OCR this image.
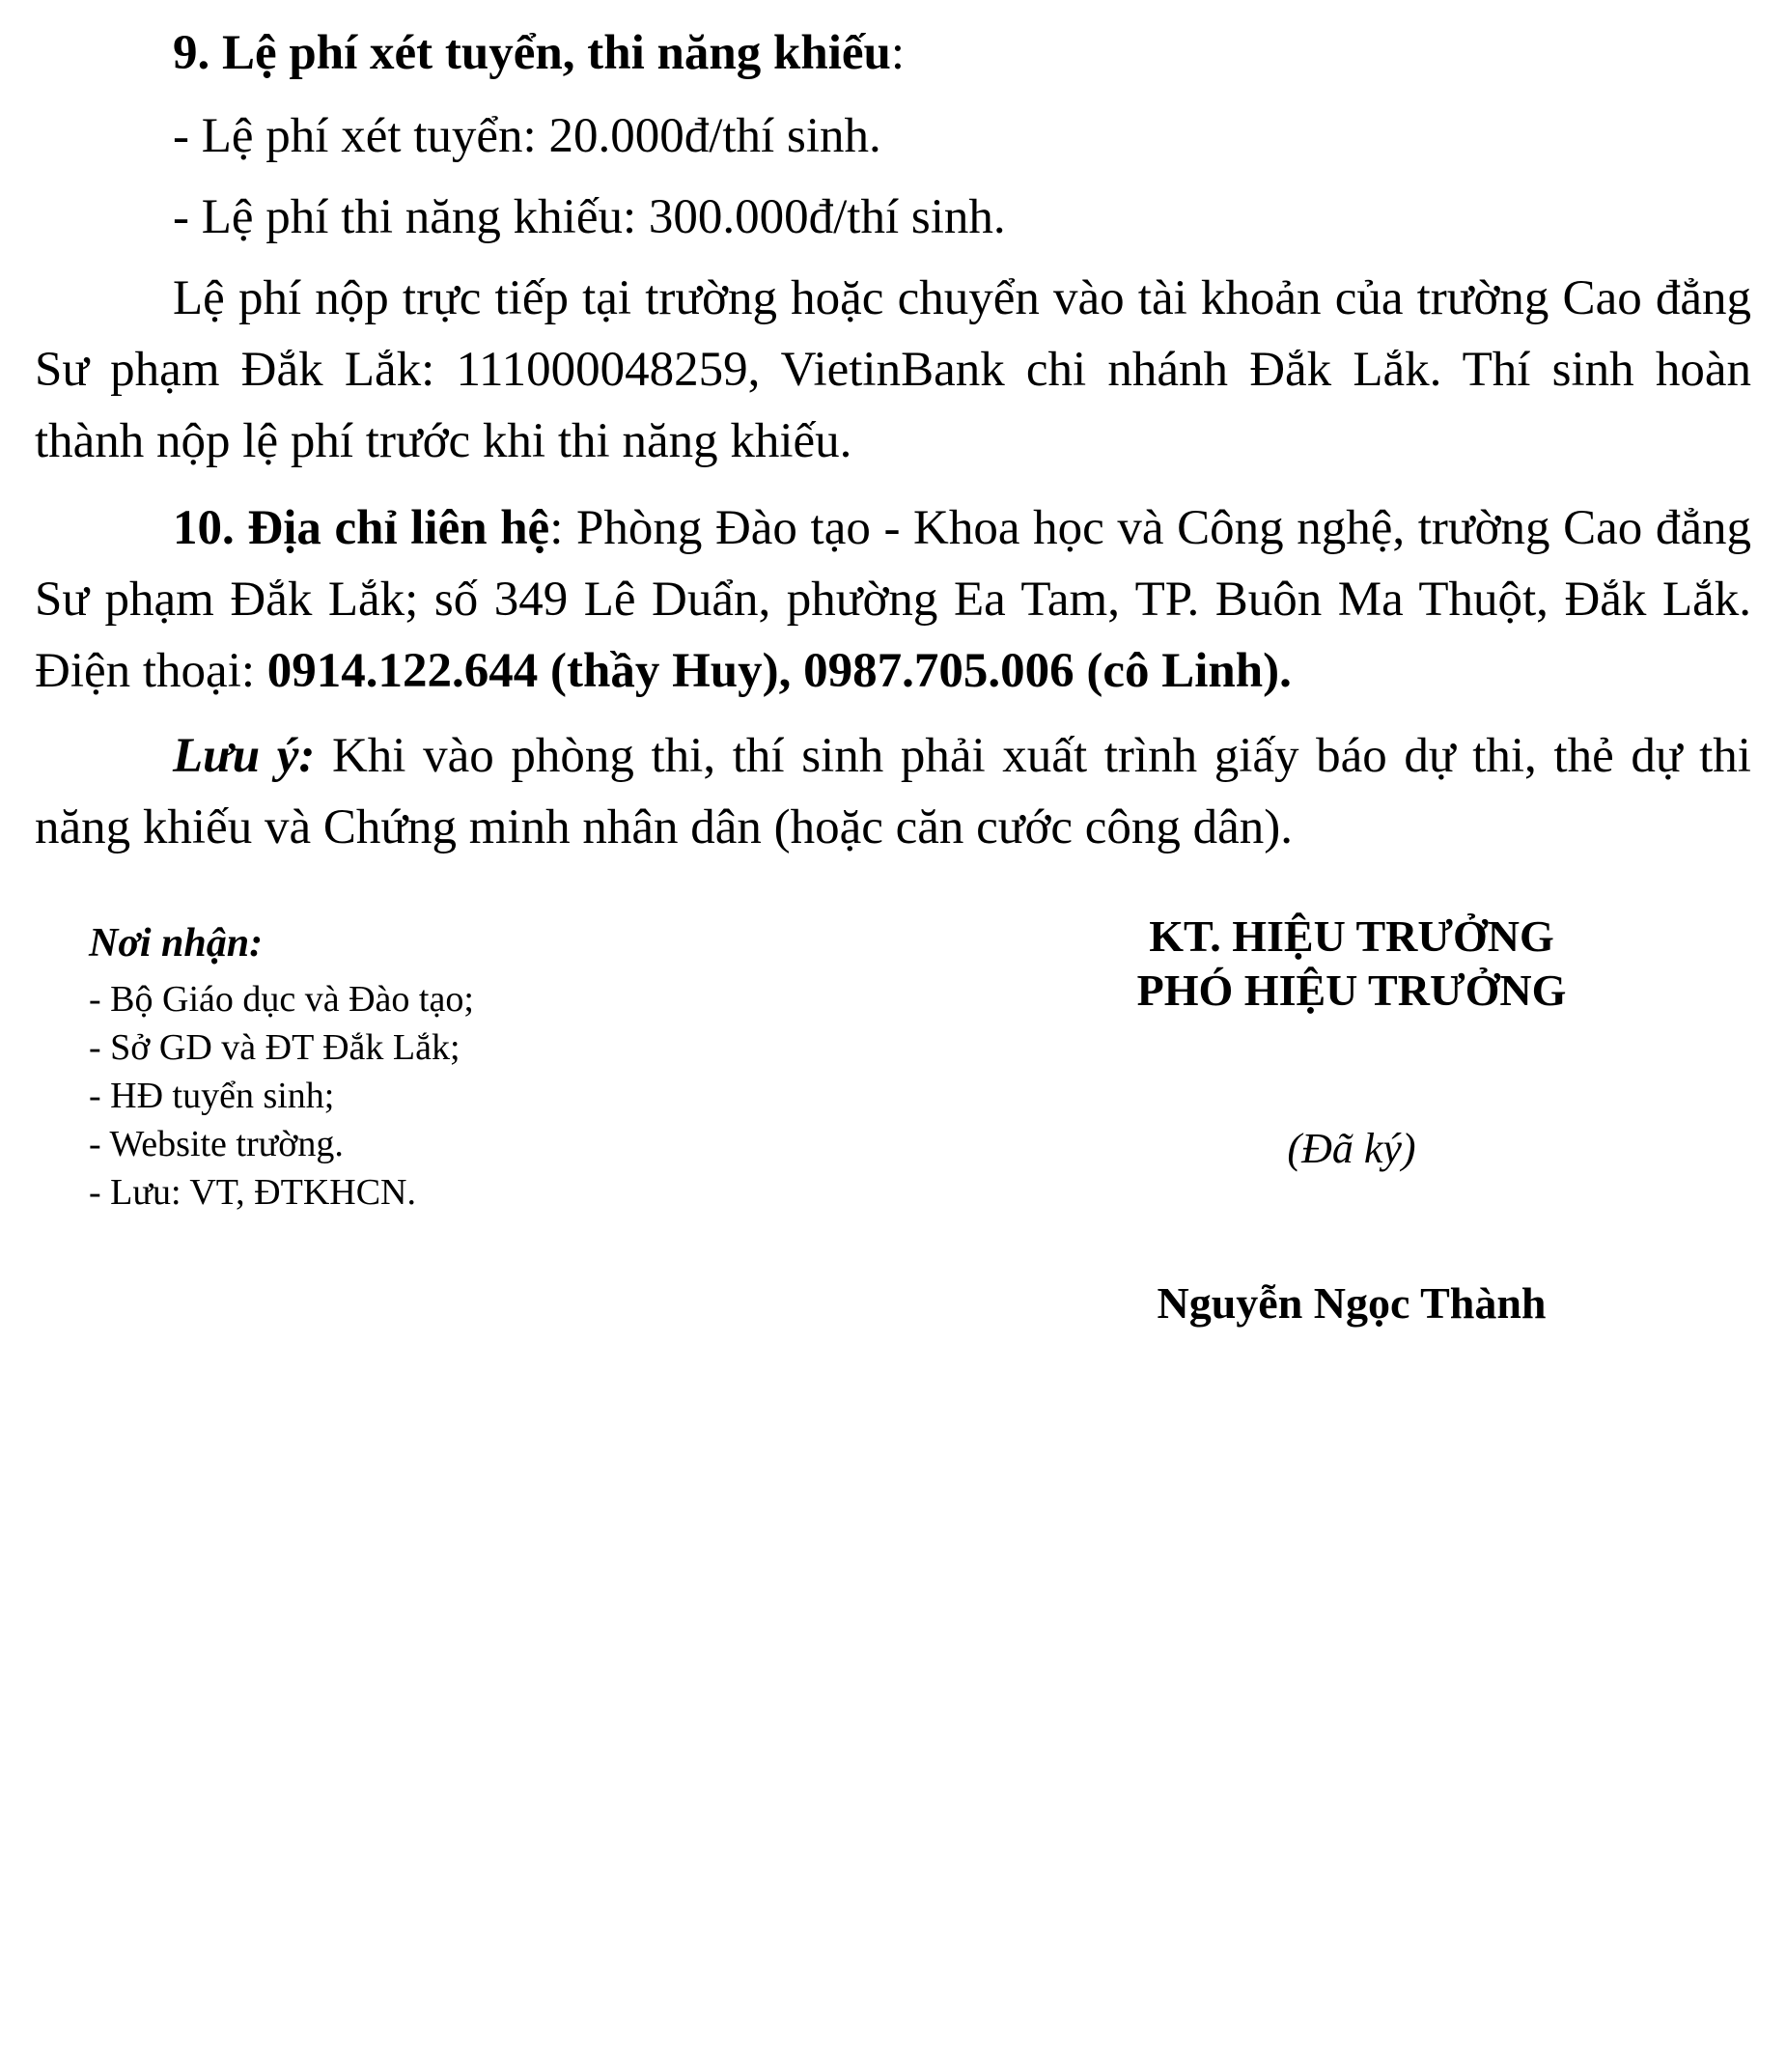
9. Lệ phí xét tuyển, thi năng khiếu:

- Lệ phí xét tuyển: 20.000đ/thí sinh.

- Lệ phí thi năng khiếu: 300.000đ/thí sinh.

Lệ phí nộp trực tiếp tại trường hoặc chuyển vào tài khoản của trường Cao đẳng Sư phạm Đắk Lắk: 111000048259, VietinBank chi nhánh Đắk Lắk. Thí sinh hoàn thành nộp lệ phí trước khi thi năng khiếu.

10. Địa chỉ liên hệ: Phòng Đào tạo - Khoa học và Công nghệ, trường Cao đẳng Sư phạm Đắk Lắk; số 349 Lê Duẩn, phường Ea Tam, TP. Buôn Ma Thuột, Đắk Lắk. Điện thoại: 0914.122.644 (thầy Huy), 0987.705.006 (cô Linh).

Lưu ý: Khi vào phòng thi, thí sinh phải xuất trình giấy báo dự thi, thẻ dự thi năng khiếu và Chứng minh nhân dân (hoặc căn cước công dân).

Nơi nhận:
- Bộ Giáo dục và Đào tạo;
- Sở GD và ĐT Đắk Lắk;
- HĐ tuyển sinh;
- Website trường.
- Lưu: VT, ĐTKHCN.
KT. HIỆU TRƯỞNG
PHÓ HIỆU TRƯỞNG
(Đã ký)
Nguyễn Ngọc Thành
